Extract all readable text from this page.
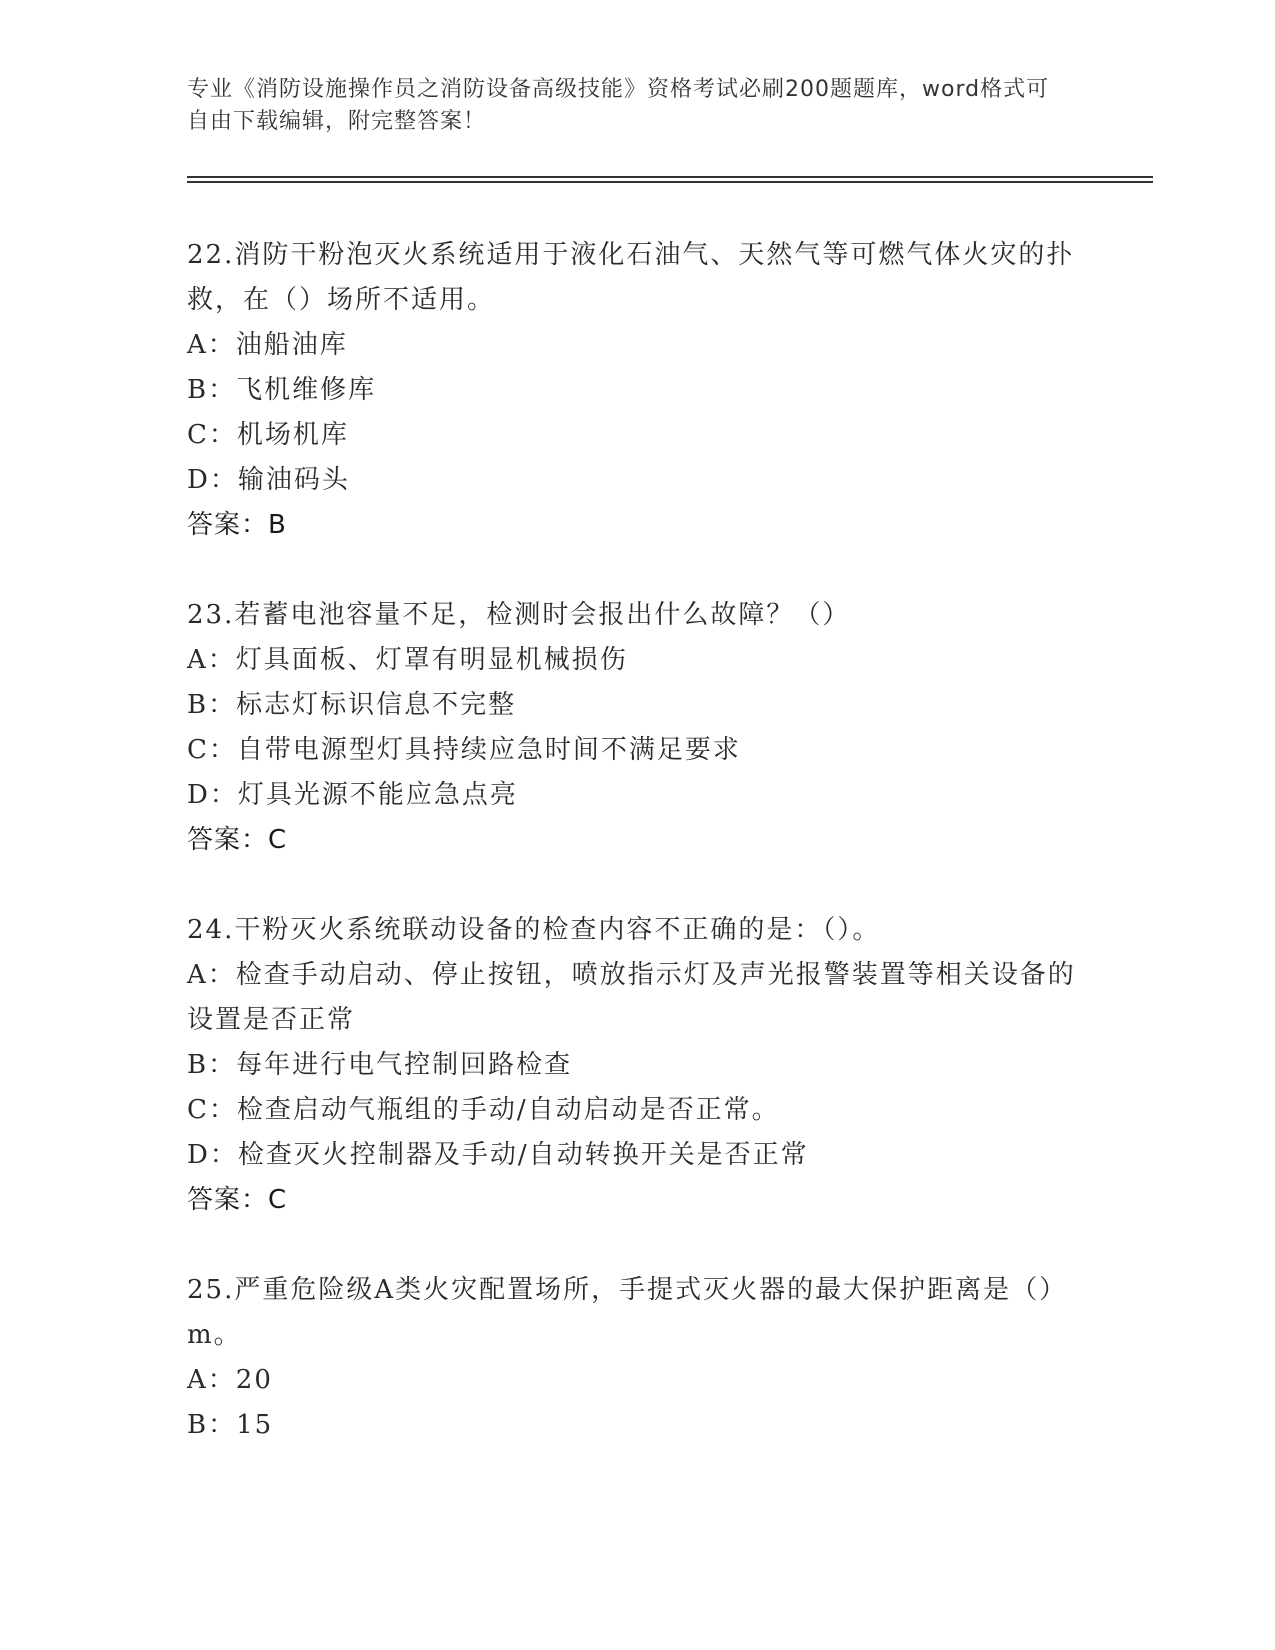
专业《消防设施操作员之消防设备高级技能》资格考试必刷200题题库，word格式可自由下载编辑，附完整答案！

22.消防干粉泡灭火系统适用于液化石油气、天然气等可燃气体火灾的扑救，在（）场所不适用。

A：油船油库

B：飞机维修库

C：机场机库

D：输油码头

答案：B

23.若蓄电池容量不足，检测时会报出什么故障？（）

A：灯具面板、灯罩有明显机械损伤

B：标志灯标识信息不完整

C：自带电源型灯具持续应急时间不满足要求

D：灯具光源不能应急点亮

答案：C

24.干粉灭火系统联动设备的检查内容不正确的是：（）。

A：检查手动启动、停止按钮，喷放指示灯及声光报警装置等相关设备的设置是否正常

B：每年进行电气控制回路检查

C：检查启动气瓶组的手动/自动启动是否正常。

D：检查灭火控制器及手动/自动转换开关是否正常

答案：C

25.严重危险级A类火灾配置场所，手提式灭火器的最大保护距离是（）m。

A：20

B：15
